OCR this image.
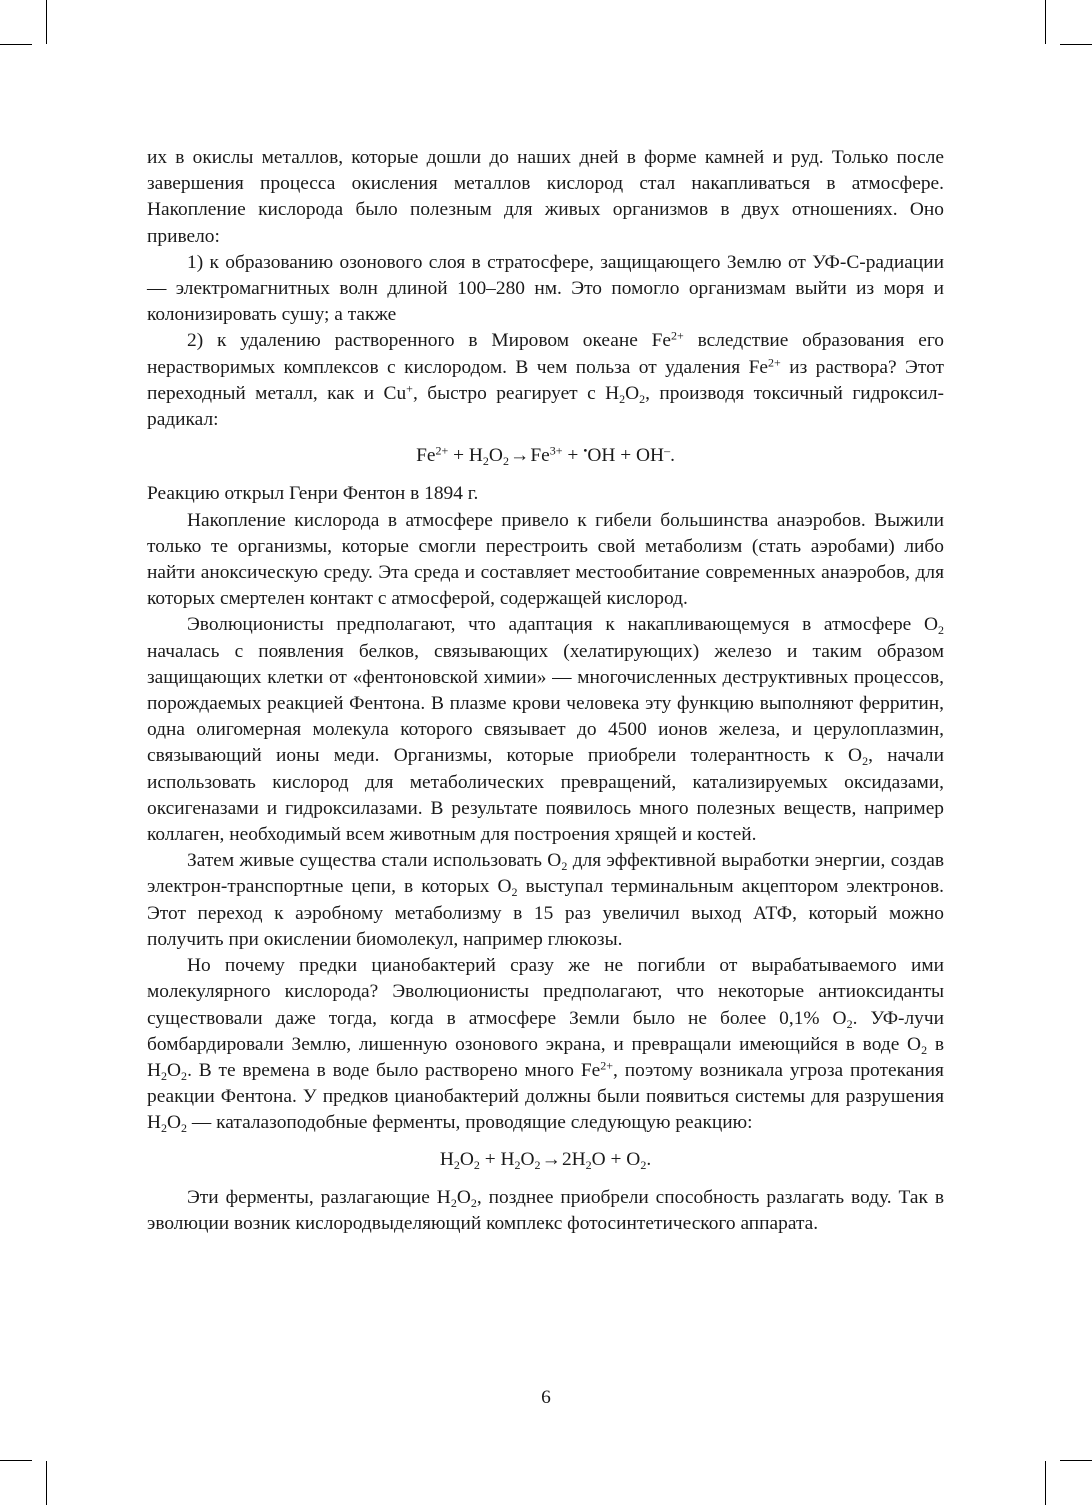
их в окислы металлов, которые дошли до наших дней в форме камней и руд. Только после завершения процесса окисления металлов кислород стал накапливаться в атмосфере. Накопление кислорода было полезным для живых организмов в двух отношениях. Оно привело:

1) к образованию озонового слоя в стратосфере, защищающего Землю от УФ-С-радиации — электромагнитных волн длиной 100–280 нм. Это помогло организмам выйти из моря и колонизировать сушу; а также

2) к удалению растворенного в Мировом океане $Fe^{2+}$ вследствие образования его нерастворимых комплексов с кислородом. В чем польза от удаления $Fe^{2+}$ из раствора? Этот переходный металл, как и Cu+, быстро реагирует с $H_2O_2$, производя токсичный гидроксил-радикал:

$Fe^{2+} + H_2O_2\to Fe^{3+} + ^•OH + OH^-$.

Реакцию открыл Генри Фентон в 1894 г.

Накопление кислорода в атмосфере привело к гибели большинства анаэробов. Выжили только те организмы, которые смогли перестроить свой метаболизм (стать аэробами) либо найти аноксическую среду. Эта среда и составляет местообитание современных анаэробов, для которых смертелен контакт с атмосферой, содержащей кислород.

Эволюционисты предполагают, что адаптация к накапливающемуся в атмосфере $O_2$ началась с появления белков, связывающих (хелатирующих) железо и таким образом защищающих клетки от «фентоновской химии» — многочисленных деструктивных процессов, порождаемых реакцией Фентона. В плазме крови человека эту функцию выполняют ферритин, одна олигомерная молекула которого связывает до 4500 ионов железа, и церулоплазмин, связывающий ионы меди. Организмы, которые приобрели толерантность к $O_2$, начали использовать кислород для метаболических превращений, катализируемых оксидазами, оксигеназами и гидроксилазами. В результате появилось много полезных веществ, например коллаген, необходимый всем животным для построения хрящей и костей.

Затем живые существа стали использовать $O_2$ для эффективной выработки энергии, создав электрон-транспортные цепи, в которых $O_2$ выступал терминальным акцептором электронов. Этот переход к аэробному метаболизму в 15 раз увеличил выход АТФ, который можно получить при окислении биомолекул, например глюкозы.

Но почему предки цианобактерий сразу же не погибли от вырабатываемого ими молекулярного кислорода? Эволюционисты предполагают, что некоторые антиоксиданты существовали даже тогда, когда в атмосфере Земли было не более 0,1% $O_2$. УФ-лучи бомбардировали Землю, лишенную озонового экрана, и превращали имеющийся в воде $O_2$ в $H_2O_2$. В те времена в воде было растворено много $Fe^{2+}$, поэтому возникала угроза протекания реакции Фентона. У предков цианобактерий должны были появиться системы для разрушения $H_2O_2$ — каталазоподобные ферменты, проводящие следующую реакцию:

$H_2O_2 + H_2O_2\to 2H_2O + O_2$.

Эти ферменты, разлагающие $H_2O_2$, позднее приобрели способность разлагать воду. Так в эволюции возник кислородвыделяющий комплекс фотосинтетического аппарата.

6
